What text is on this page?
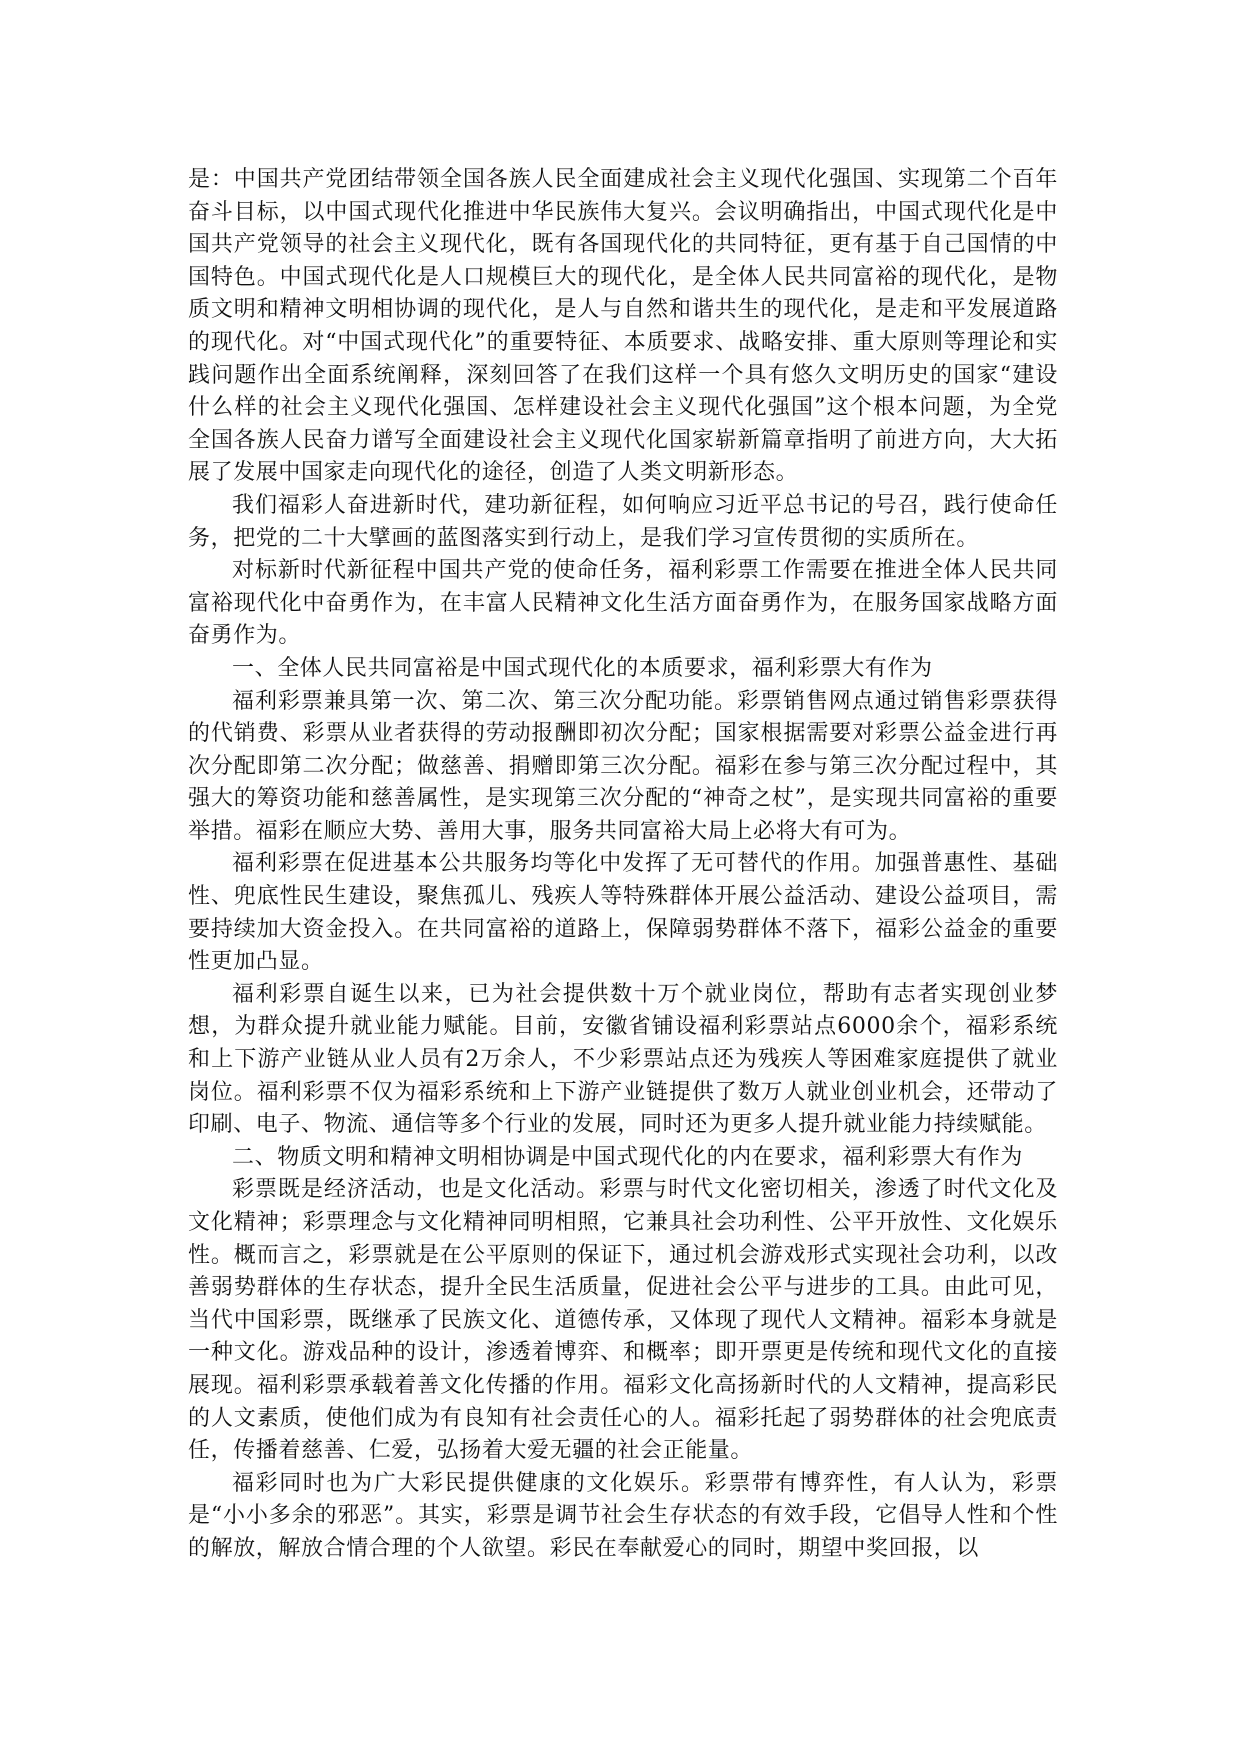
是：中国共产党团结带领全国各族人民全面建成社会主义现代化强国、实现第二个百年奋斗目标，以中国式现代化推进中华民族伟大复兴。会议明确指出，中国式现代化是中国共产党领导的社会主义现代化，既有各国现代化的共同特征，更有基于自己国情的中国特色。中国式现代化是人口规模巨大的现代化，是全体人民共同富裕的现代化，是物质文明和精神文明相协调的现代化，是人与自然和谐共生的现代化，是走和平发展道路的现代化。对“中国式现代化”的重要特征、本质要求、战略安排、重大原则等理论和实践问题作出全面系统阐释，深刻回答了在我们这样一个具有悠久文明历史的国家“建设什么样的社会主义现代化强国、怎样建设社会主义现代化强国”这个根本问题，为全党全国各族人民奋力谱写全面建设社会主义现代化国家崭新篇章指明了前进方向，大大拓展了发展中国家走向现代化的途径，创造了人类文明新形态。

我们福彩人奋进新时代，建功新征程，如何响应习近平总书记的号召，践行使命任务，把党的二十大擘画的蓝图落实到行动上，是我们学习宣传贯彻的实质所在。

对标新时代新征程中国共产党的使命任务，福利彩票工作需要在推进全体人民共同富裕现代化中奋勇作为，在丰富人民精神文化生活方面奋勇作为，在服务国家战略方面奋勇作为。

一、全体人民共同富裕是中国式现代化的本质要求，福利彩票大有作为

福利彩票兼具第一次、第二次、第三次分配功能。彩票销售网点通过销售彩票获得的代销费、彩票从业者获得的劳动报酬即初次分配；国家根据需要对彩票公益金进行再次分配即第二次分配；做慈善、捐赠即第三次分配。福彩在参与第三次分配过程中，其强大的筹资功能和慈善属性，是实现第三次分配的“神奇之杖”，是实现共同富裕的重要举措。福彩在顺应大势、善用大事，服务共同富裕大局上必将大有可为。

福利彩票在促进基本公共服务均等化中发挥了无可替代的作用。加强普惠性、基础性、兜底性民生建设，聚焦孤儿、残疾人等特殊群体开展公益活动、建设公益项目，需要持续加大资金投入。在共同富裕的道路上，保障弱势群体不落下，福彩公益金的重要性更加凸显。

福利彩票自诞生以来，已为社会提供数十万个就业岗位，帮助有志者实现创业梦想，为群众提升就业能力赋能。目前，安徽省铺设福利彩票站点6000余个，福彩系统和上下游产业链从业人员有2万余人，不少彩票站点还为残疾人等困难家庭提供了就业岗位。福利彩票不仅为福彩系统和上下游产业链提供了数万人就业创业机会，还带动了印刷、电子、物流、通信等多个行业的发展，同时还为更多人提升就业能力持续赋能。

二、物质文明和精神文明相协调是中国式现代化的内在要求，福利彩票大有作为

彩票既是经济活动，也是文化活动。彩票与时代文化密切相关，渗透了时代文化及文化精神；彩票理念与文化精神同明相照，它兼具社会功利性、公平开放性、文化娱乐性。概而言之，彩票就是在公平原则的保证下，通过机会游戏形式实现社会功利，以改善弱势群体的生存状态，提升全民生活质量，促进社会公平与进步的工具。由此可见，当代中国彩票，既继承了民族文化、道德传承，又体现了现代人文精神。福彩本身就是一种文化。游戏品种的设计，渗透着博弈、和概率；即开票更是传统和现代文化的直接展现。福利彩票承载着善文化传播的作用。福彩文化高扬新时代的人文精神，提高彩民的人文素质，使他们成为有良知有社会责任心的人。福彩托起了弱势群体的社会兜底责任，传播着慈善、仁爱，弘扬着大爱无疆的社会正能量。

福彩同时也为广大彩民提供健康的文化娱乐。彩票带有博弈性，有人认为，彩票是“小小多余的邪恶”。其实，彩票是调节社会生存状态的有效手段，它倡导人性和个性的解放，解放合情合理的个人欲望。彩民在奉献爱心的同时，期望中奖回报，以
